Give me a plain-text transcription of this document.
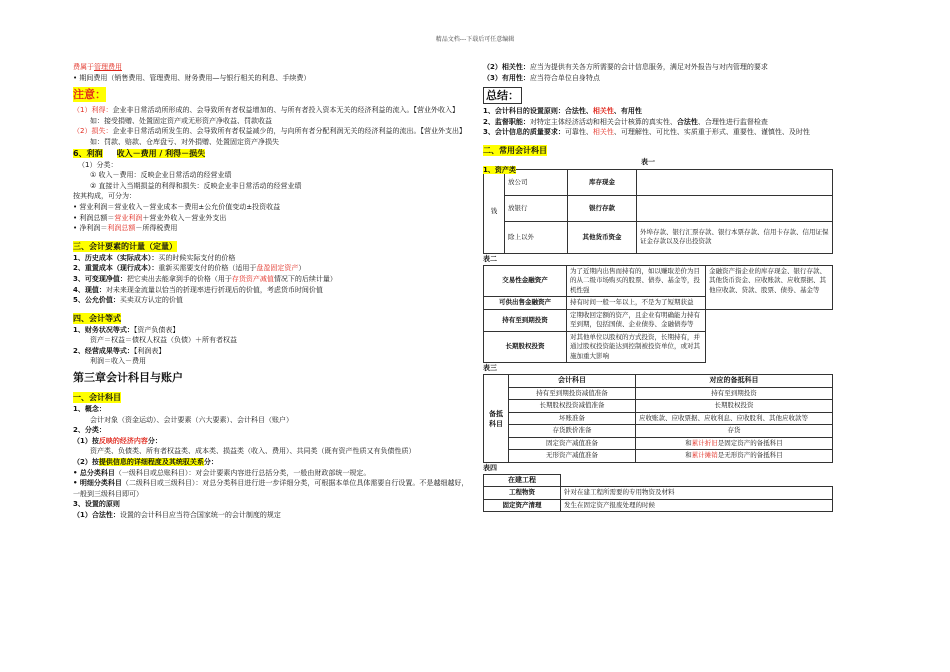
精品文档---下载后可任意编辑
费属于管理费用
• 期间费用（销售费用、管理费用、财务费用—与银行相关的利息、手续费）
注意：
（1）利得：企业非日常活动所形成的、会导致所有者权益增加的、与所有者投入资本无关的经济利益的流入。【营业外收入】
如：接受捐赠、处置固定资产或无形资产净收益、罚款收益
（2）损失：企业非日常活动所发生的、会导致所有者权益减少的，与向所有者分配利润无关的经济利益的流出。【营业外支出】
如：罚款、赔款、仓库盘亏、对外捐赠、处置固定资产净损失
6、利润 收入－费用 / 利得－损失
（1）分类：
① 收入－费用：反映企业日常活动的经营业绩
② 直接计入当期损益的利得和损失：反映企业非日常活动的经营业绩
按其构成，可分为：
• 营业利润＝营业收入－营业成本－费用±公允价值变动±投资收益
• 利润总额＝营业利润＋营业外收入－营业外支出
• 净利润＝利润总额－所得税费用
三、会计要素的计量（定量）
1、历史成本（实际成本）：买的时候实际支付的价格
2、重置成本（现行成本）：重新买需要支付的价格（适用于盘盈固定资产）
3、可变现净值：把它卖出去能拿到手的价格（用于存货资产减值情况下的后续计量）
4、现值：对未来现金流量以恰当的折现率进行折现后的价值，考虑货币时间价值
5、公允价值：买卖双方认定的价值
四、会计等式
1、财务状况等式：【资产负债表】
资产＝权益＝债权人权益（负债）＋所有者权益
2、经营成果等式：【利润表】
利润＝收入－费用
第三章会计科目与账户
一、会计科目
1、概念：
会计对象（资金运动）、会计要素（六大要素）、会计科目（账户）
2、分类：
（1）按反映的经济内容分：
资产类、负债类、所有者权益类、成本类、损益类（收入、费用）、共同类（既有资产性质又有负债性质）
（2）按提供信息的详细程度及其统驭关系分：
• 总分类科目（一级科目或总账科目）：对会计要素内容进行总括分类，一般由财政部统一规定。
• 明细分类科目（二级科目或三级科目）：对总分类科目进行进一步详细分类，可根据本单位具体需要自行设置。不是越细越好，一般到三级科目即可）
3、设置的原则
（1）合法性：设置的会计科目应当符合国家统一的会计制度的规定
（2）相关性：应当为提供有关各方所需要的会计信息服务，满足对外报告与对内管理的要求
（3）有用性：应当符合单位自身特点
总结：
1、会计科目的设置原则：合法性、相关性、有用性
2、监督职能：对特定主体经济活动和相关会计核算的真实性、合法性、合理性进行监督检查
3、会计信息的质量要求：可靠性、相关性、可理解性、可比性、实质重于形式、重要性、谨慎性、及时性
二、常用会计科目
1、资产类
表一
钱	放公司	库存现金	
	放银行	银行存款	
	除上以外	其他货币资金	外埠存款、银行汇票存款、银行本票存款、信用卡存款、信用证保证金存款以及存出投资款
表二
交易性金融资产	为了近期内出售而持有的，如以赚取差价为目的从二级市场购买的股票、债券、基金等，投机性强	金融资产指企业的库存现金、银行存款、其他货币资金、应收账款、应收票据、其他应收款、贷款、股票、债券、基金等
可供出售金融资产	持有时间一般一年以上，不是为了短期获益	
持有至到期投资	定期收回定额的资产，且企业有明确能力持有至到期，包括国债、企业债券、金融债券等	
长期股权投资	对其他单位以股权的方式投资，长期持有，并通过股权投资能达到控制被投资单位，或对其施加重大影响	
表三
备抵科目	会计科目	对应的备抵科目
	持有至到期投资减值准备	持有至到期投资
	长期股权投资减值准备	长期股权投资
	坏账准备	应收账款、应收票据、应收利息、应收股利、其他应收款等
	存货跌价准备	存货
	固定资产减值准备	和累计折旧是固定资产的备抵科目
	无形资产减值准备	和累计摊销是无形资产的备抵科目
表四
在建工程	
工程物资	针对在建工程所需要的专用物资及材料
固定资产清理	发生在固定资产报废处理的时候
